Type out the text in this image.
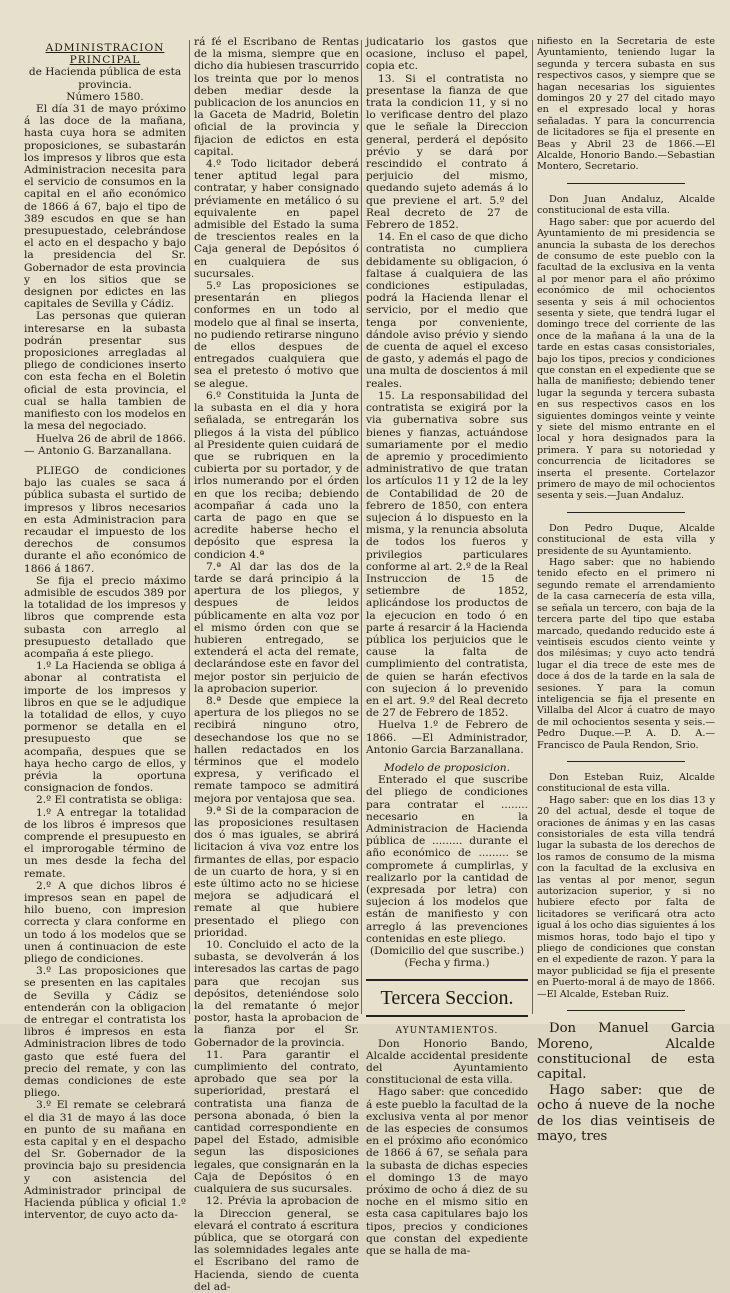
ADMINISTRACION PRINCIPAL
de Hacienda pública de esta provincia.
Número 1580.

El día 31 de mayo próximo á las doce de la mañana, hasta cuya hora se admiten proposiciones, se subastarán los impresos y libros que esta Administracion necesita para el servicio de consumos en la capital en el año económico de 1866 á 67, bajo el tipo de 389 escudos en que se han presupuestado, celebrándose el acto en el despacho y bajo la presidencia del Sr. Gobernador de esta provincia y en los sitios que se designen por edictes en las capitales de Sevilla y Cádiz.

Las personas que quieran interesarse en la subasta podrán presentar sus proposiciones arregladas al pliego de condiciones inserto con esta fecha en el Boletin oficial de esta provincia, el cual se halla tambien de manifiesto con los modelos en la mesa del negociado.

Huelva 26 de abril de 1866.— Antonio G. Barzanallana.

PLIEGO de condiciones bajo las cuales se saca á pública subasta el surtido de impresos y libros necesarios en esta Administracion para recaudar el impuesto de los derechos de consumos durante el año económico de 1866 á 1867.

Se fija el precio máximo admisible de escudos 389 por la totalidad de los impresos y libros que comprende esta subasta con arreglo al presupuesto detallado que acompaña á este pliego.

1.º La Hacienda se obliga á abonar al contratista el importe de los impresos y libros en que se le adjudique la totalidad de ellos, y cuyo pormenor se detalla en el presupuesto que se acompaña, despues que se haya hecho cargo de ellos, y prévia la oportuna consignacion de fondos.

2.º El contratista se obliga:

1.º A entregar la totalidad de los libros é impresos que comprende el presupuesto en el improrogable término de un mes desde la fecha del remate.

2.º A que dichos libros é impresos sean en papel de hilo bueno, con impresion correcta y clara conforme en un todo á los modelos que se unen á continuacion de este pliego de condiciones.

3.º Las proposiciones que se presenten en las capitales de Sevilla y Cádiz se entenderán con la obligacion de entregar el contratista los libros é impresos en esta Administracion libres de todo gasto que esté fuera del precio del remate, y con las demas condiciones de este pliego.

3.º El remate se celebrará el dia 31 de mayo á las doce en punto de su mañana en esta capital y en el despacho del Sr. Gobernador de la provincia bajo su presidencia y con asistencia del Administrador principal de Hacienda pública y oficial 1.º interventor, de cuyo acto da-

rá fé el Escribano de Rentas de la misma, siempre que en dicho dia hubiesen trascurrido los treinta que por lo menos deben mediar desde la publicacion de los anuncios en la Gaceta de Madrid, Boletin oficial de la provincia y fijacion de edictos en esta capital.

4.º Todo licitador deberá tener aptitud legal para contratar, y haber consignado préviamente en metálico ó su equivalente en papel admisible del Estado la suma de trescientos reales en la Caja general de Depósitos ó en cualquiera de sus sucursales.

5.º Las proposiciones se presentarán en pliegos conformes en un todo al modelo que al final se inserta, no pudiendo retirarse ninguno de ellos despues de entregados cualquiera que sea el pretesto ó motivo que se alegue.

6.º Constituida la Junta de la subasta en el dia y hora señalada, se entregarán los pliegos á la vista del público al Presidente quien cuidará de que se rubriquen en la cubierta por su portador, y de irlos numerando por el órden en que los reciba; debiendo acompañar á cada uno la carta de pago en que se acredite haberse hecho el depósito que espresa la condicion 4.ª

7.ª Al dar las dos de la tarde se dará principio á la apertura de los pliegos, y despues de leidos públicamente en alta voz por el mismo órden con que se hubieren entregado, se extenderá el acta del remate, declarándose este en favor del mejor postor sin perjuicio de la aprobacion superior.

8.ª Desde que empiece la apertura de los pliegos no se recibirá ninguno otro, desechandose los que no se hallen redactados en los términos que el modelo expresa, y verificado el remate tampoco se admitirá mejora por ventajosa que sea.

9.ª Si de la comparacion de las proposiciones resultasen dos ó mas iguales, se abrirá licitacion á viva voz entre los firmantes de ellas, por espacio de un cuarto de hora, y si en este último acto no se hiciese mejora se adjudicará el remate al que hubiere presentado el pliego con prioridad.

10. Concluido el acto de la subasta, se devolverán á los interesados las cartas de pago para que recojan sus depósitos, deteniéndose solo la del rematante ó mejor postor, hasta la aprobacion de la fianza por el Sr. Gobernador de la provincia.

11. Para garantir el cumplimiento del contrato, aprobado que sea por la superioridad, prestará el contratista una fianza de persona abonada, ó bien la cantidad correspondiente en papel del Estado, admisible segun las disposiciones legales, que consignarán en la Caja de Depósitos ó en cualquiera de sus sucursales.

12. Prévia la aprobacion de la Direccion general, se elevará el contrato á escritura pública, que se otorgará con las solemnidades legales ante el Escribano del ramo de Hacienda, siendo de cuenta del ad-

judicatario los gastos que ocasione, incluso el papel, copia etc.

13. Si el contratista no presentase la fianza de que trata la condicion 11, y si no lo verificase dentro del plazo que le señale la Direccion general, perderá el depósito prévio y se dará por rescindido el contrato á perjuicio del mismo, quedando sujeto además á lo que previene el art. 5.º del Real decreto de 27 de Febrero de 1852.

14. En el caso de que dicho contratista no cumpliera debidamente su obligacion, ó faltase á cualquiera de las condiciones estipuladas, podrá la Hacienda llenar el servicio, por el medio que tenga por conveniente, dándole aviso prévio y siendo de cuenta de aquel el exceso de gasto, y además el pago de una multa de doscientos á mil reales.

15. La responsabilidad del contratista se exigirá por la via gubernativa sobre sus bienes y fianzas, actuándose sumariamente por el medio de apremio y procedimiento administrativo de que tratan los artículos 11 y 12 de la ley de Contabilidad de 20 de febrero de 1850, con entera sujecion á lo dispuesto en la misma, y la renuncia absoluta de todos los fueros y privilegios particulares conforme al art. 2.º de la Real Instruccion de 15 de setiembre de 1852, aplicándose los productos de la ejecucion en todo ó en parte á resarcir á la Hacienda pública los perjuicios que le cause la falta de cumplimiento del contratista, de quien se harán efectivos con sujecion á lo prevenido en el art. 9.º del Real decreto de 27 de Febrero de 1852.

Huelva 1.º de Febrero de 1866. —El Administrador, Antonio Garcia Barzanallana.

Modelo de proposicion.

Enterado el que suscribe del pliego de condiciones para contratar el ........ necesario en la Administracion de Hacienda pública de ......... durante el año económico de ......... se compromete á cumplirlas, y realizarlo por la cantidad de (expresada por letra) con sujecion á los modelos que están de manifiesto y con arreglo á las prevenciones contenidas en este pliego.

(Domicilio del que suscribe.) (Fecha y firma.)
Tercera Seccion.
AYUNTAMIENTOS.

Don Honorio Bando, Alcalde accidental presidente del Ayuntamiento constitucional de esta villa.

Hago saber: que concedido á este pueblo la facultad de la exclusiva venta al por menor de las especies de consumos en el próximo año económico de 1866 á 67, se señala para la subasta de dichas especies el domingo 13 de mayo próximo de ocho á diez de su noche en el mismo sitio en esta casa capitulares bajo los tipos, precios y condiciones que constan del expediente que se halla de ma-

nifiesto en la Secretaria de este Ayuntamiento, teniendo lugar la segunda y tercera subasta en sus respectivos casos, y siempre que se hagan necesarias los siguientes domingos 20 y 27 del citado mayo en el expresado local y horas señaladas. Y para la concurrencia de licitadores se fija el presente en Beas y Abril 23 de 1866.—El Alcalde, Honorio Bando.—Sebastian Montero, Secretario.

Don Juan Andaluz, Alcalde constitucional de esta villa.

Hago saber: que por acuerdo del Ayuntamiento de mi presidencia se anuncia la subasta de los derechos de consumo de este pueblo con la facultad de la exclusiva en la venta al por menor para el año próximo económico de mil ochocientos sesenta y seis á mil ochocientos sesenta y siete, que tendrá lugar el domingo trece del corriente de las once de la mañana á la una de la tarde en estas casas consistoriales, bajo los tipos, precios y condiciones que constan en el expediente que se halla de manifiesto; debiendo tener lugar la segunda y tercera subasta en sus respectivos casos en los siguientes domingos veinte y veinte y siete del mismo entrante en el local y hora designados para la primera. Y para su notoriedad y concurrencia de licitadores se inserta el presente. Cortelazor primero de mayo de mil ochocientos sesenta y seis.—Juan Andaluz.

Don Pedro Duque, Alcalde constitucional de esta villa y presidente de su Ayuntamiento.

Hago saber: que no habiendo tenido efecto en el primero ni segundo remate el arrendamiento de la casa carnecería de esta villa, se señala un tercero, con baja de la tercera parte del tipo que estaba marcado, quedando reducido este á veintiseis escudos ciento veinte y dos milésimas; y cuyo acto tendrá lugar el dia trece de este mes de doce á dos de la tarde en la sala de sesiones. Y para la comun inteligencia se fija el presente en Villalba del Alcor á cuatro de mayo de mil ochocientos sesenta y seis.—Pedro Duque.—P. A. D. A.—Francisco de Paula Rendon, Srio.

Don Esteban Ruiz, Alcalde constitucional de esta villa.

Hago saber: que en los dias 13 y 20 del actual, desde el toque de oraciones de ánimas y en las casas consistoriales de esta villa tendrá lugar la subasta de los derechos de los ramos de consumo de la misma con la facultad de la exclusiva en las ventas al por menor, segun autorizacion superior, y si no hubiere efecto por falta de licitadores se verificará otra acto igual á los ocho dias siguientes á los mismos horas, todo bajo el tipo y pliego de condiciones que constan en el expediente de razon. Y para la mayor publicidad se fija el presente en Puerto-moral á de mayo de 1866.—El Alcalde, Esteban Ruiz.

Don Manuel Garcia Moreno, Alcalde constitucional de esta capital.

Hago saber: que de ocho á nueve de la noche de los dias veintiseis de mayo, tres
